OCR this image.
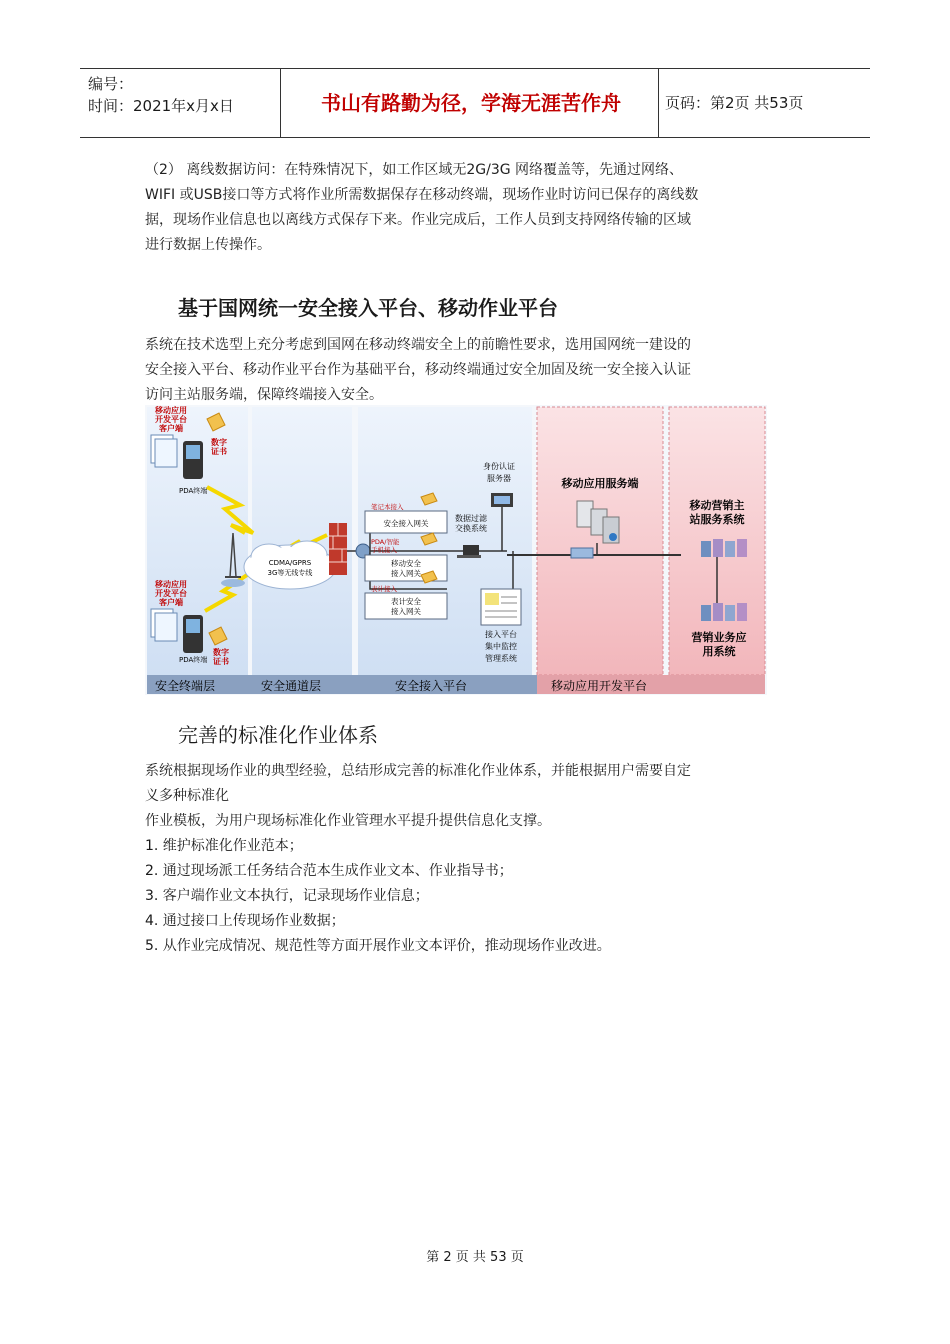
编号：
时间：2021年x月x日	书山有路勤为径，学海无涯苦作舟	页码：第2页 共53页
（2） 离线数据访问：在特殊情况下，如工作区域无2G/3G 网络覆盖等，先通过网络、
WIFI 或USB接口等方式将作业所需数据保存在移动终端，现场作业时访问已保存的离线数
据，现场作业信息也以离线方式保存下来。作业完成后，工作人员到支持网络传输的区域
进行数据上传操作。
基于国网统一安全接入平台、移动作业平台
系统在技术选型上充分考虑到国网在移动终端安全上的前瞻性要求，选用国网统一建设的
安全接入平台、移动作业平台作为基础平台，移动终端通过安全加固及统一安全接入认证
访问主站服务端，保障终端接入安全。
安全终端层	安全通道层	安全接入平台	移动应用开发平台
移动应用开发平台客户端
数字证书
PDA终端
移动应用开发平台客户端
数字证书
PDA终端
CDMA/GPRS 3G等无线专线
安全接入网关
移动安全接入网关
表计安全接入网关
笔记本接入
PDA/智能手机接入
表计接入
数据过滤交换系统
身份认证服务器
接入平台集中监控管理系统
移动应用服务端
移动营销主站服务系统
营销业务应用系统
完善的标准化作业体系
系统根据现场作业的典型经验，总结形成完善的标准化作业体系，并能根据用户需要自定
义多种标准化
作业模板，为用户现场标准化作业管理水平提升提供信息化支撑。
1. 维护标准化作业范本；
2. 通过现场派工任务结合范本生成作业文本、作业指导书；
3. 客户端作业文本执行，记录现场作业信息；
4. 通过接口上传现场作业数据；
5. 从作业完成情况、规范性等方面开展作业文本评价，推动现场作业改进。
第 2 页 共 53 页
